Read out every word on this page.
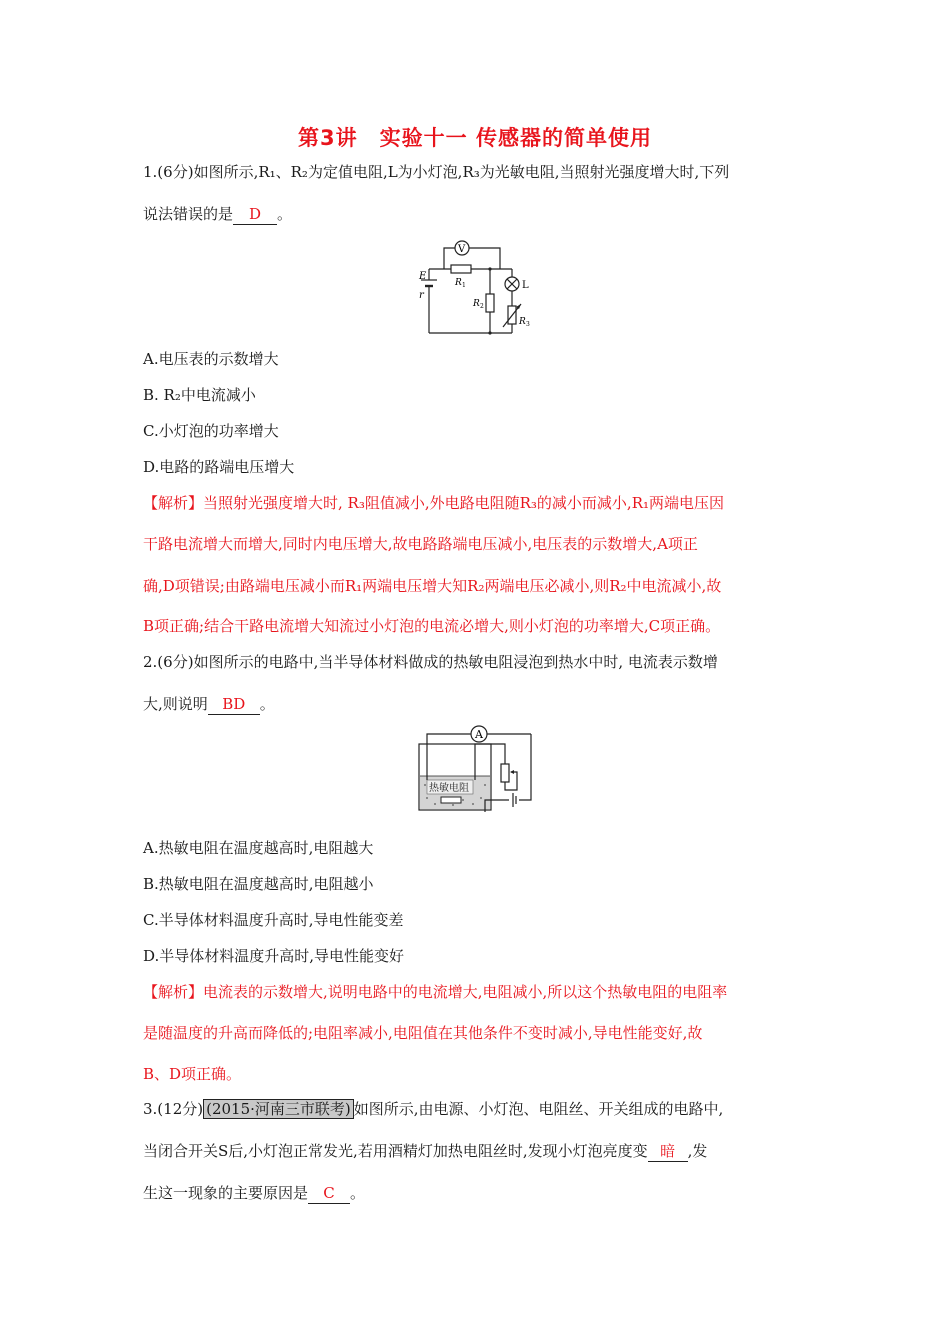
第3讲　实验十一 传感器的简单使用
1.(6分)如图所示,R₁、R₂为定值电阻,L为小灯泡,R₃为光敏电阻,当照射光强度增大时,下列
说法错误的是 D 。
V
E
r
R 1
R 2
L
R 3
A.电压表的示数增大
B. R₂中电流减小
C.小灯泡的功率增大
D.电路的路端电压增大
【解析】当照射光强度增大时, R₃阻值减小,外电路电阻随R₃的减小而减小,R₁两端电压因
干路电流增大而增大,同时内电压增大,故电路路端电压减小,电压表的示数增大,A项正
确,D项错误;由路端电压减小而R₁两端电压增大知R₂两端电压必减小,则R₂中电流减小,故
B项正确;结合干路电流增大知流过小灯泡的电流必增大,则小灯泡的功率增大,C项正确。
2.(6分)如图所示的电路中,当半导体材料做成的热敏电阻浸泡到热水中时, 电流表示数增
大,则说明 BD 。
热敏电阻
A
A.热敏电阻在温度越高时,电阻越大
B.热敏电阻在温度越高时,电阻越小
C.半导体材料温度升高时,导电性能变差
D.半导体材料温度升高时,导电性能变好
【解析】电流表的示数增大,说明电路中的电流增大,电阻减小,所以这个热敏电阻的电阻率
是随温度的升高而降低的;电阻率减小,电阻值在其他条件不变时减小,导电性能变好,故
B、D项正确。
3.(12分) (2015·河南三市联考) 如图所示,由电源、小灯泡、电阻丝、开关组成的电路中,
当闭合开关S后,小灯泡正常发光,若用酒精灯加热电阻丝时,发现小灯泡亮度变 暗 ,发
生这一现象的主要原因是 C 。
